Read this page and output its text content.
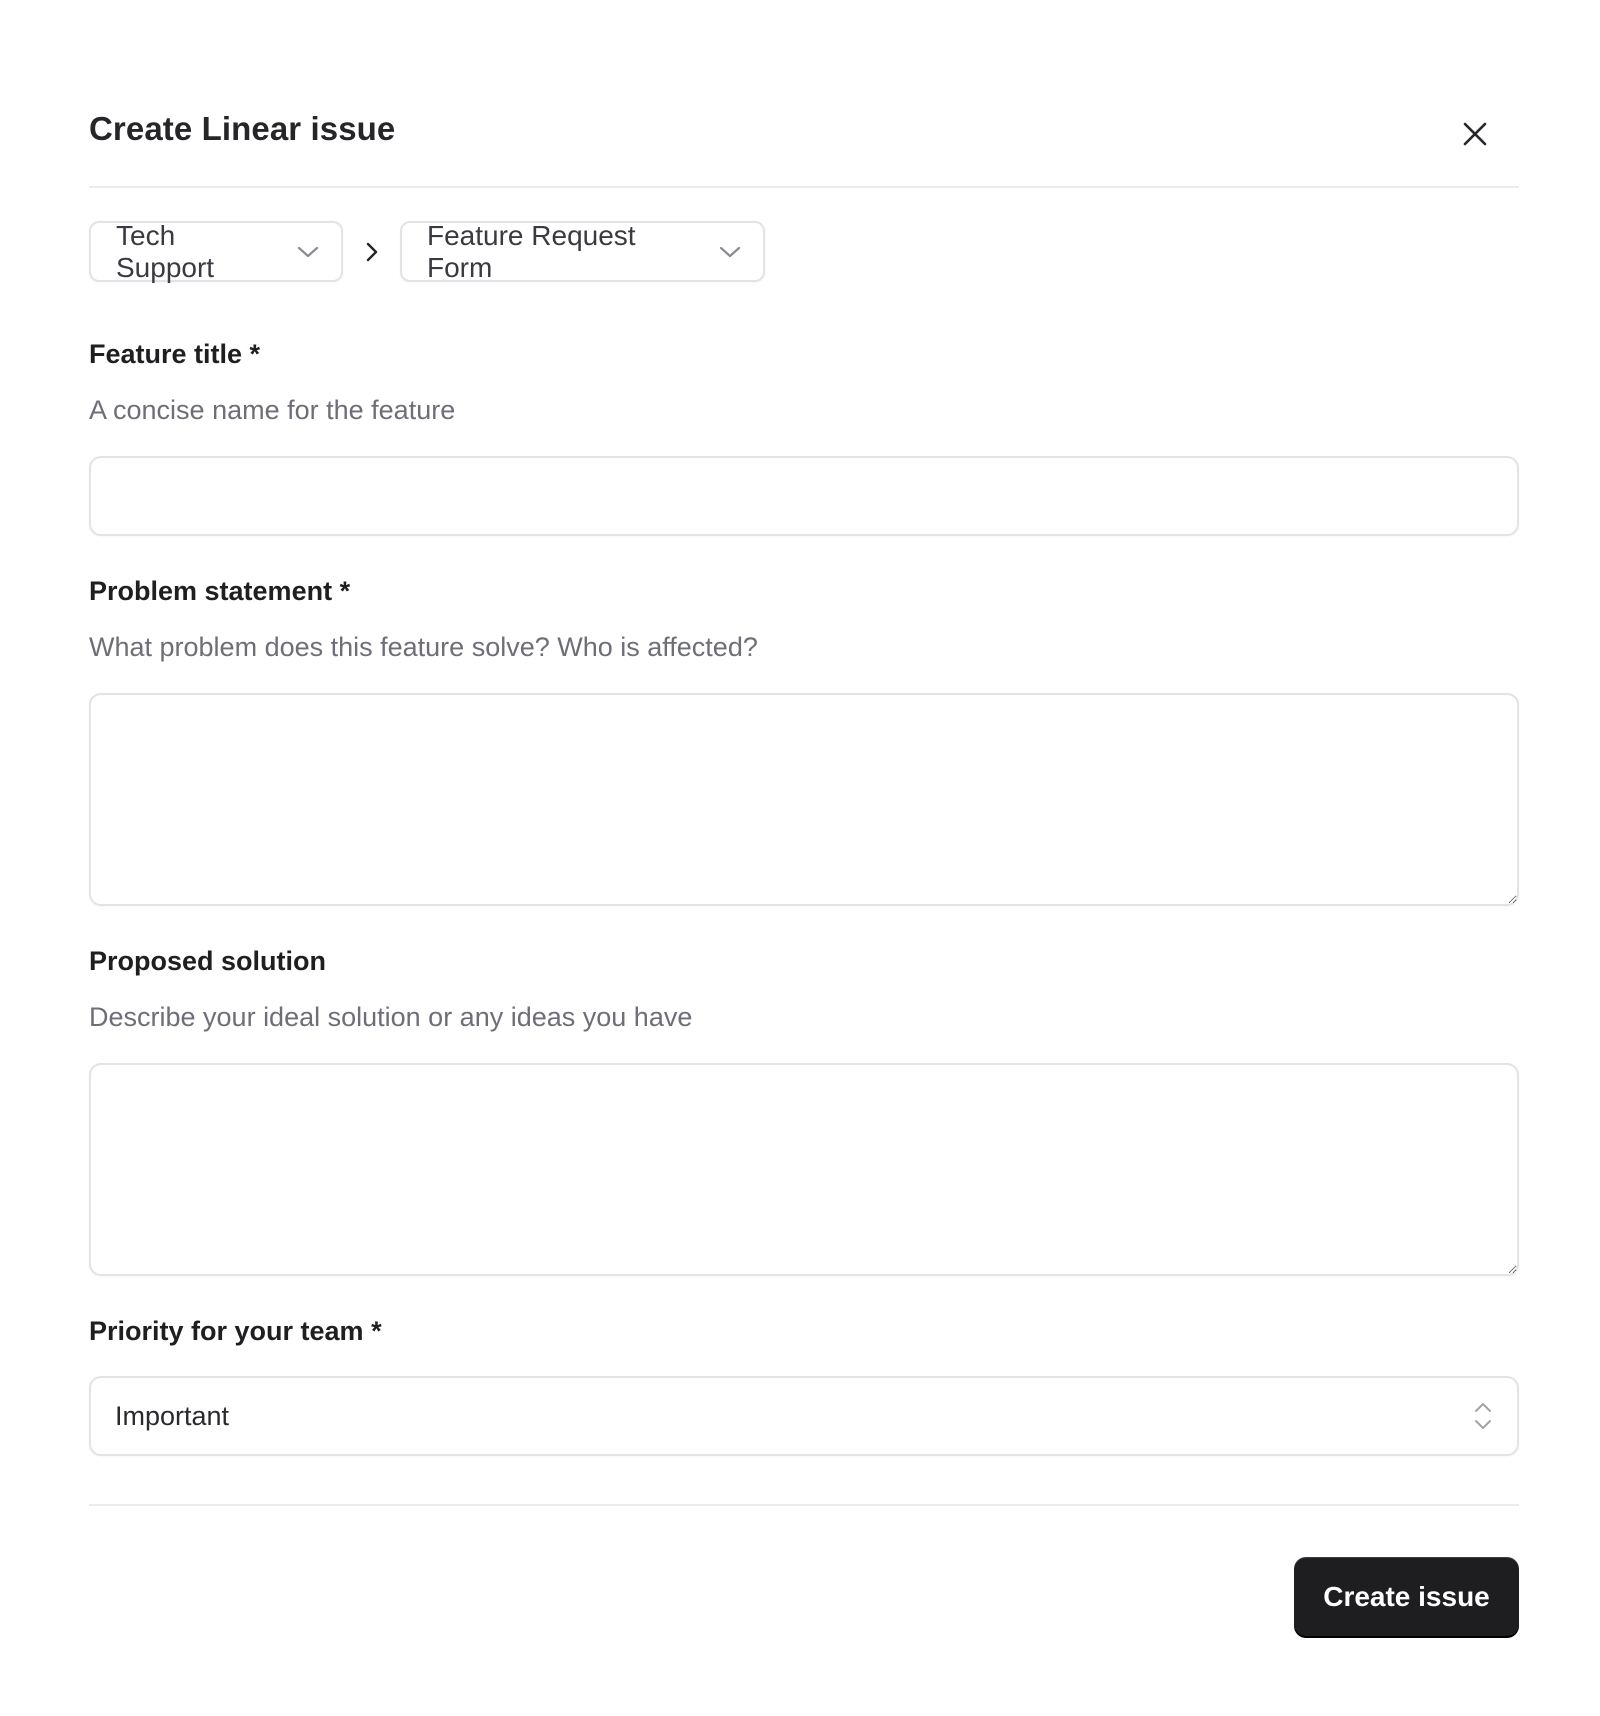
Create Linear issue
Tech Support
Feature Request Form
Feature title *
A concise name for the feature
Problem statement *
What problem does this feature solve? Who is affected?
Proposed solution
Describe your ideal solution or any ideas you have
Priority for your team *
Important
Create issue
